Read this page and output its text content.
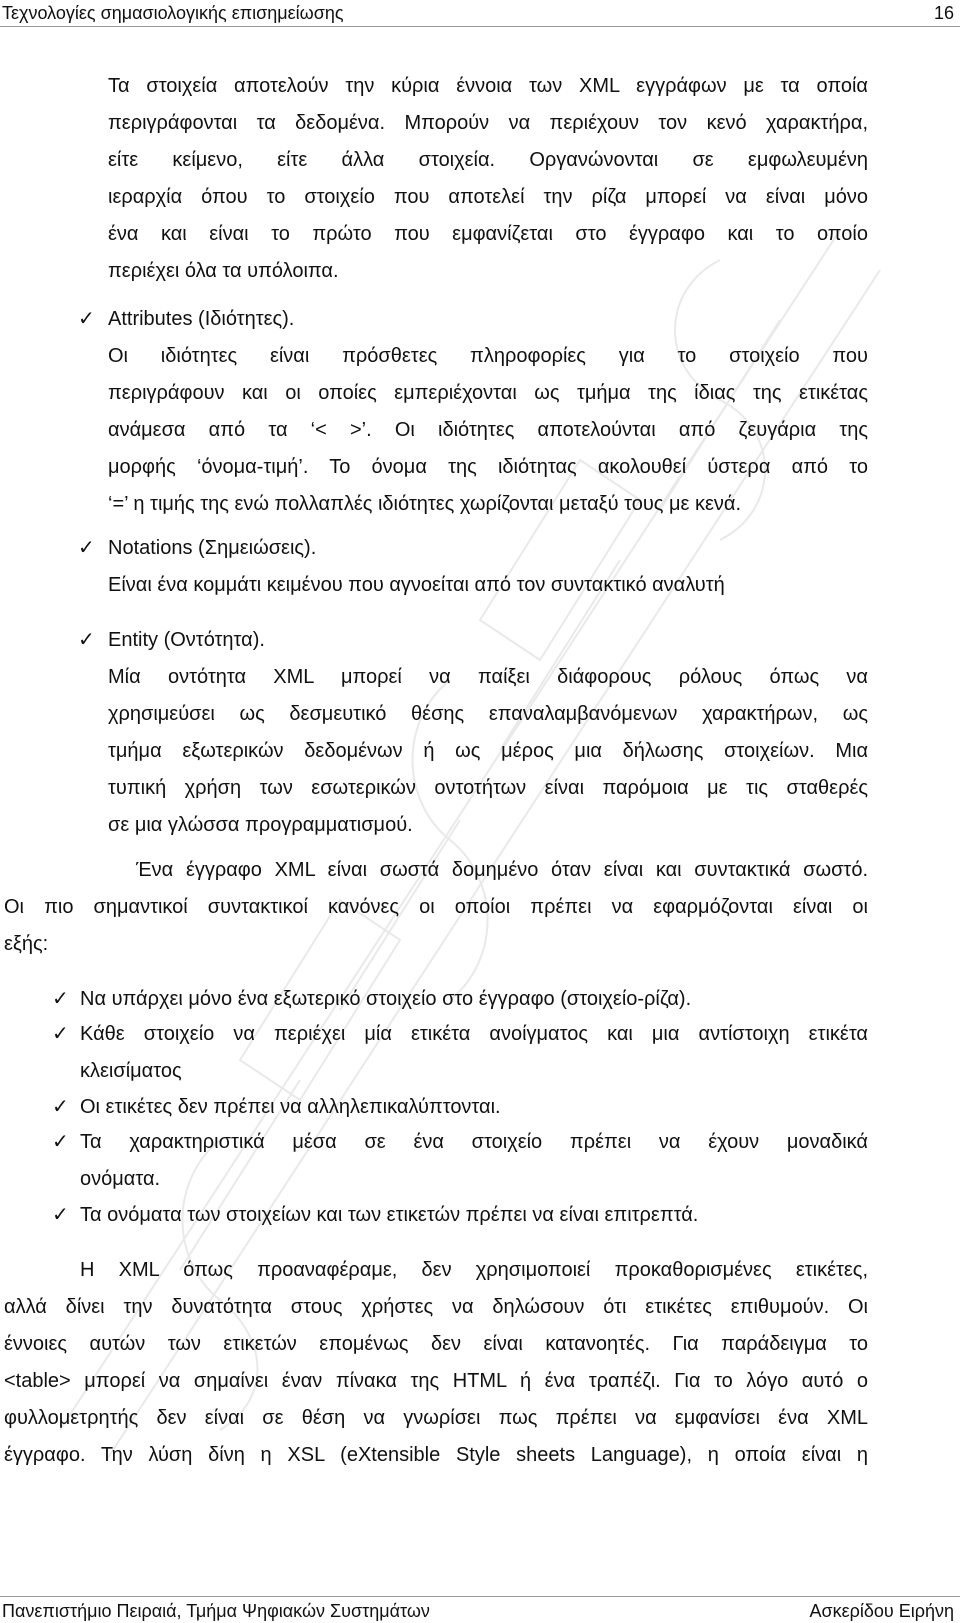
Τεχνολογίες σημασιολογικής επισημείωσης	16
Τα στοιχεία αποτελούν την κύρια έννοια των XML εγγράφων με τα οποία
περιγράφονται τα δεδομένα. Μπορούν να περιέχουν τον κενό χαρακτήρα,
είτε κείμενο, είτε άλλα στοιχεία. Οργανώνονται σε εμφωλευμένη
ιεραρχία όπου το στοιχείο που αποτελεί την ρίζα μπορεί να είναι μόνο
ένα και είναι το πρώτο που εμφανίζεται στο έγγραφο και το οποίο
περιέχει όλα τα υπόλοιπα.
✓ Attributes (Ιδιότητες).
Οι ιδιότητες είναι πρόσθετες πληροφορίες για το στοιχείο που
περιγράφουν και οι οποίες εμπεριέχονται ως τμήμα της ίδιας της ετικέτας
ανάμεσα από τα ‘< >’. Οι ιδιότητες αποτελούνται από ζευγάρια της
μορφής ‘όνομα-τιμή’. Το όνομα της ιδιότητας ακολουθεί ύστερα από το
‘=’ η τιμής της ενώ πολλαπλές ιδιότητες χωρίζονται μεταξύ τους με κενά.
✓ Notations (Σημειώσεις).
Είναι ένα κομμάτι κειμένου που αγνοείται από τον συντακτικό αναλυτή
✓ Entity (Οντότητα).
Μία οντότητα XML μπορεί να παίξει διάφορους ρόλους όπως να
χρησιμεύσει ως δεσμευτικό θέσης επαναλαμβανόμενων χαρακτήρων, ως
τμήμα εξωτερικών δεδομένων ή ως μέρος μια δήλωσης στοιχείων. Μια
τυπική χρήση των εσωτερικών οντοτήτων είναι παρόμοια με τις σταθερές
σε μια γλώσσα προγραμματισμού.
Ένα έγγραφο XML είναι σωστά δομημένο όταν είναι και συντακτικά σωστό.
Οι πιο σημαντικοί συντακτικοί κανόνες οι οποίοι πρέπει να εφαρμόζονται είναι οι
εξής:
✓ Να υπάρχει μόνο ένα εξωτερικό στοιχείο στο έγγραφο (στοιχείο-ρίζα).
✓ Κάθε στοιχείο να περιέχει μία ετικέτα ανοίγματος και μια αντίστοιχη ετικέτα
κλεισίματος
✓ Οι ετικέτες δεν πρέπει να αλληλεπικαλύπτονται.
✓ Τα χαρακτηριστικά μέσα σε ένα στοιχείο πρέπει να έχουν μοναδικά
ονόματα.
✓ Τα ονόματα των στοιχείων και των ετικετών πρέπει να είναι επιτρεπτά.
Η XML όπως προαναφέραμε, δεν χρησιμοποιεί προκαθορισμένες ετικέτες,
αλλά δίνει την δυνατότητα στους χρήστες να δηλώσουν ότι ετικέτες επιθυμούν. Οι
έννοιες αυτών των ετικετών επομένως δεν είναι κατανοητές. Για παράδειγμα το
<table> μπορεί να σημαίνει έναν πίνακα της HTML ή ένα τραπέζι. Για το λόγο αυτό ο
φυλλομετρητής δεν είναι σε θέση να γνωρίσει πως πρέπει να εμφανίσει ένα XML
έγγραφο. Την λύση δίνη η XSL (eXtensible Style sheets Language), η οποία είναι η
Πανεπιστήμιο Πειραιά, Τμήμα Ψηφιακών Συστημάτων	Ασκερίδου Ειρήνη
